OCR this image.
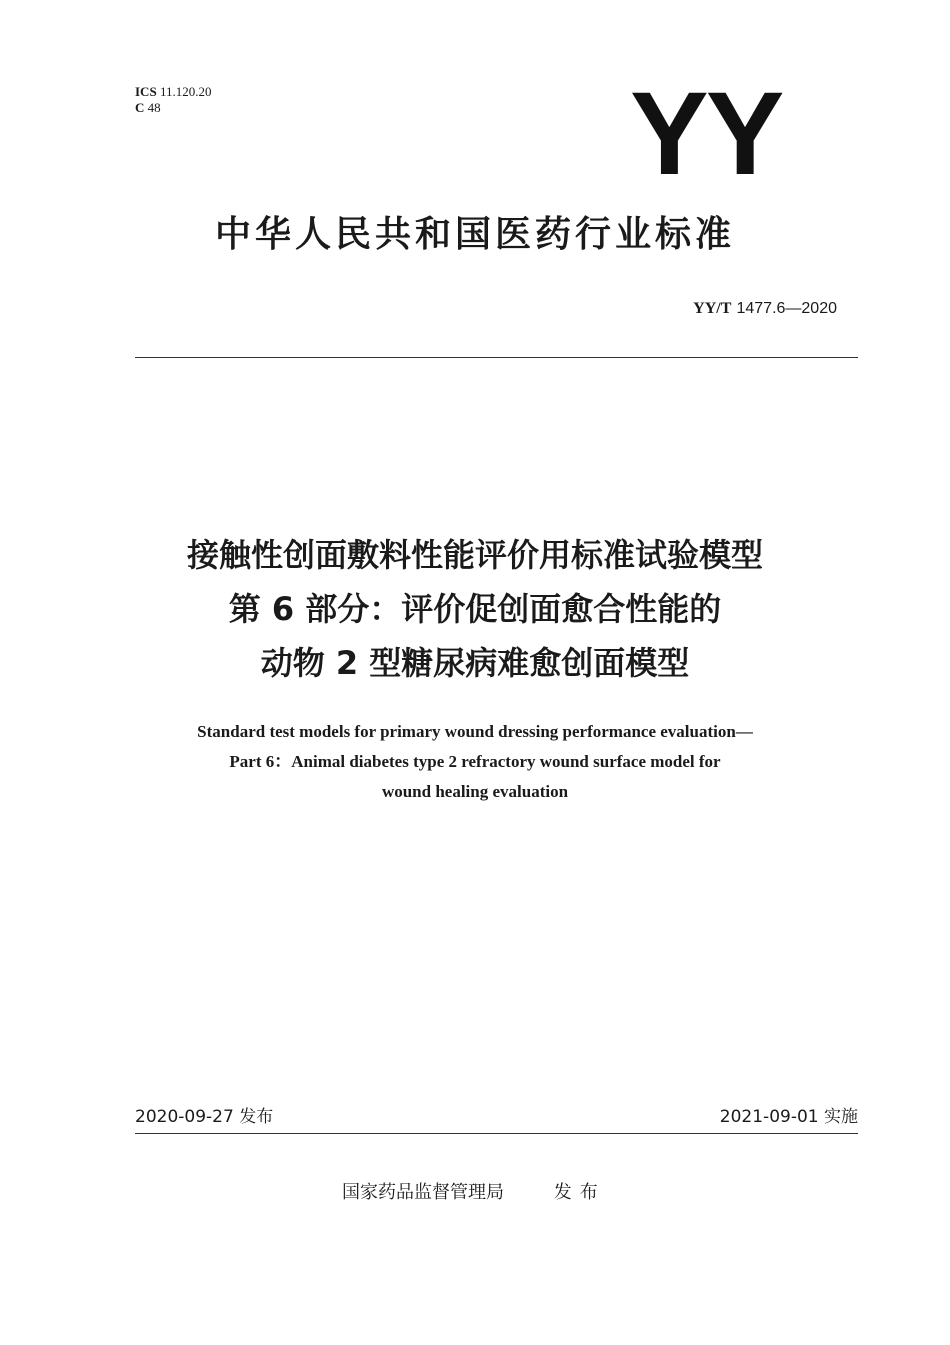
ICS 11.120.20
C 48	YY
中华人民共和国医药行业标准
YY/T 1477.6—2020
接触性创面敷料性能评价用标准试验模型
第 6 部分：评价促创面愈合性能的
动物 2 型糖尿病难愈创面模型
Standard test models for primary wound dressing performance evaluation—
Part 6：Animal diabetes type 2 refractory wound surface model for
wound healing evaluation
2020-09-27 发布	2021-09-01 实施
国家药品监督管理局	发布
